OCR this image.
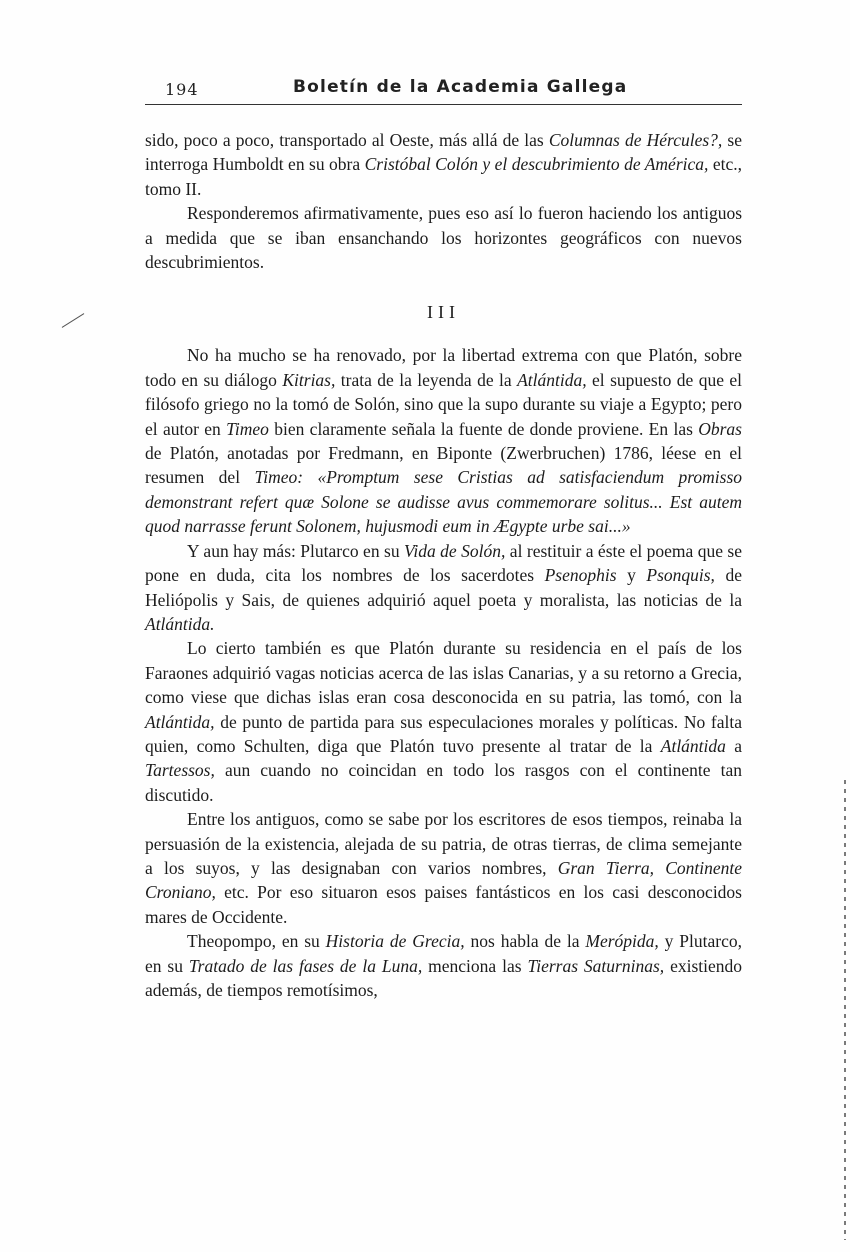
194	Boletín de la Academia Gallega

sido, poco a poco, transportado al Oeste, más allá de las Columnas de Hércules?, se interroga Humboldt en su obra Cristóbal Colón y el descubrimiento de América, etc., tomo II.

Responderemos afirmativamente, pues eso así lo fueron haciendo los antiguos a medida que se iban ensanchando los horizontes geográficos con nuevos descubrimientos.

III

No ha mucho se ha renovado, por la libertad extrema con que Platón, sobre todo en su diálogo Kitrias, trata de la leyenda de la Atlántida, el supuesto de que el filósofo griego no la tomó de Solón, sino que la supo durante su viaje a Egypto; pero el autor en Timeo bien claramente señala la fuente de donde proviene. En las Obras de Platón, anotadas por Fredmann, en Biponte (Zwerbruchen) 1786, léese en el resumen del Timeo: «Promptum sese Cristias ad satisfaciendum promisso demonstrant refert quæ Solone se audisse avus commemorare solitus... Est autem quod narrasse ferunt Solonem, hujusmodi eum in Ægypte urbe sai...»

Y aun hay más: Plutarco en su Vida de Solón, al restituir a éste el poema que se pone en duda, cita los nombres de los sacerdotes Psenophis y Psonquis, de Heliópolis y Sais, de quienes adquirió aquel poeta y moralista, las noticias de la Atlántida.

Lo cierto también es que Platón durante su residencia en el país de los Faraones adquirió vagas noticias acerca de las islas Canarias, y a su retorno a Grecia, como viese que dichas islas eran cosa desconocida en su patria, las tomó, con la Atlántida, de punto de partida para sus especulaciones morales y políticas. No falta quien, como Schulten, diga que Platón tuvo presente al tratar de la Atlántida a Tartessos, aun cuando no coincidan en todo los rasgos con el continente tan discutido.

Entre los antiguos, como se sabe por los escritores de esos tiempos, reinaba la persuasión de la existencia, alejada de su patria, de otras tierras, de clima semejante a los suyos, y las designaban con varios nombres, Gran Tierra, Continente Croniano, etc. Por eso situaron esos paises fantásticos en los casi desconocidos mares de Occidente.

Theopompo, en su Historia de Grecia, nos habla de la Merópida, y Plutarco, en su Tratado de las fases de la Luna, menciona las Tierras Saturninas, existiendo además, de tiempos remotísimos,
